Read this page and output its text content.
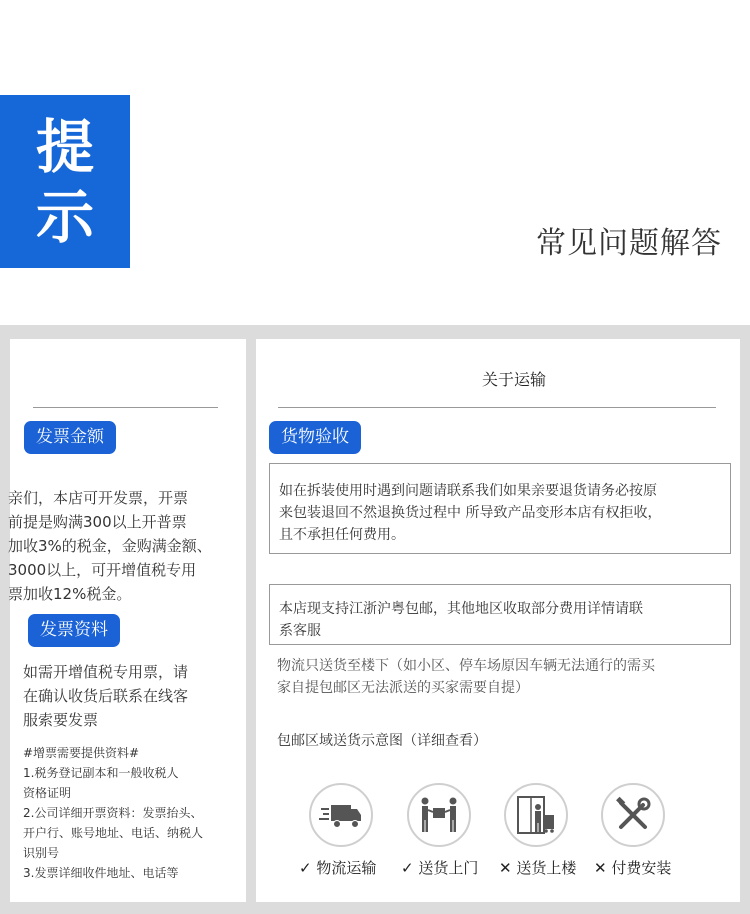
提
示	常见问题解答
发票金额
亲们，本店可开发票，开票
前提是购满300以上开普票
加收3%的税金，金购满金额、
3000以上，可开增值税专用
票加收12%税金。
发票资料
如需开增值税专用票，请
在确认收货后联系在线客
服索要发票
#增票需要提供资料#
1.税务登记副本和一般收税人
资格证明
2.公司详细开票资料：发票抬头、
开户行、账号地址、电话、纳税人
识别号
3.发票详细收件地址、电话等
关于运输
货物验收
如在拆装使用时遇到问题请联系我们如果亲要退货请务必按原
来包装退回不然退换货过程中 所导致产品变形本店有权拒收，
且不承担任何费用。
本店现支持江浙沪粤包邮，其他地区收取部分费用详情请联
系客服
物流只送货至楼下（如小区、停车场原因车辆无法通行的需买
家自提包邮区无法派送的买家需要自提）
包邮区域送货示意图（详细查看）
✓ 物流运输 ✓ 送货上门 ✕ 送货上楼 ✕ 付费安装
